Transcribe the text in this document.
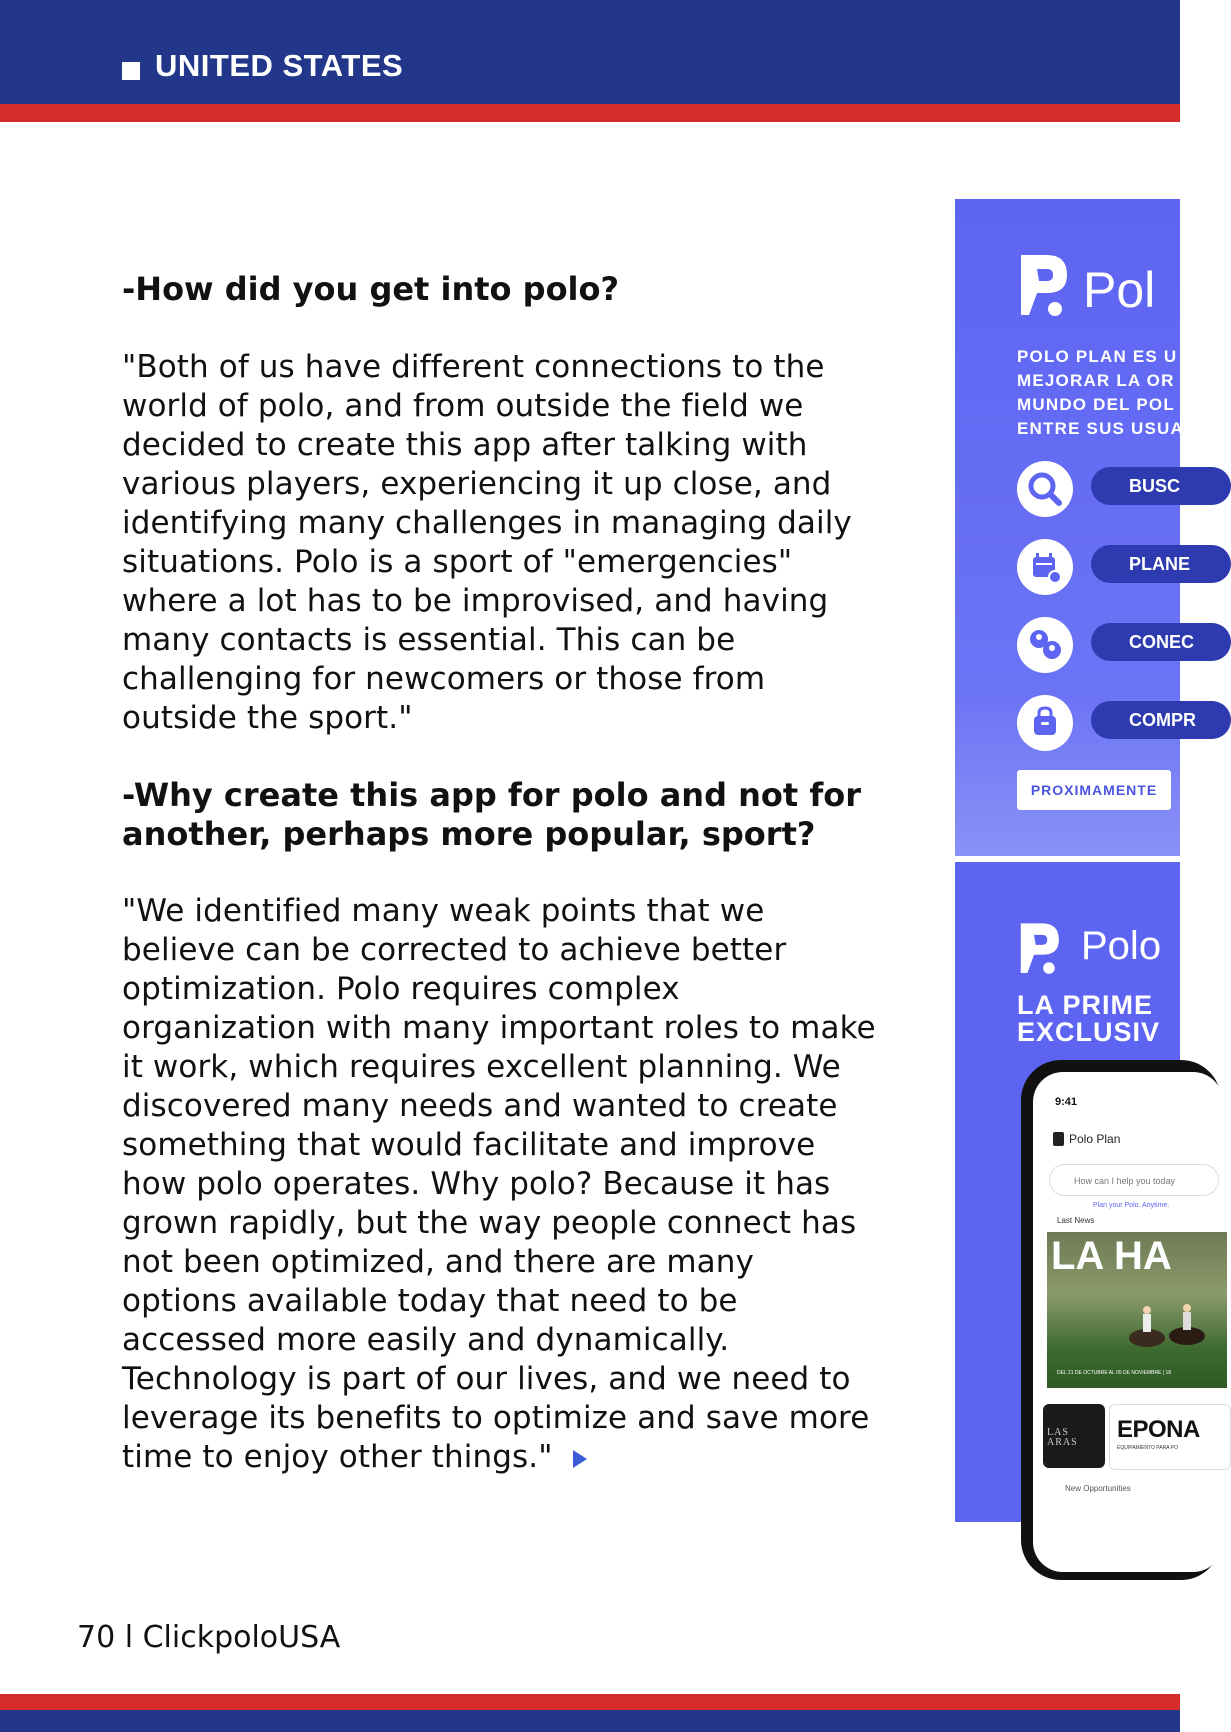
UNITED STATES

-How did you get into polo?

"Both of us have different connections to the
world of polo, and from outside the field we
decided to create this app after talking with
various players, experiencing it up close, and
identifying many challenges in managing daily
situations. Polo is a sport of "emergencies"
where a lot has to be improvised, and having
many contacts is essential. This can be
challenging for newcomers or those from
outside the sport."
-Why create this app for polo and not for
another, perhaps more popular, sport?
"We identified many weak points that we
believe can be corrected to achieve better
optimization. Polo requires complex
organization with many important roles to make
it work, which requires excellent planning. We
discovered many needs and wanted to create
something that would facilitate and improve
how polo operates. Why polo? Because it has
grown rapidly, but the way people connect has
not been optimized, and there are many
options available today that need to be
accessed more easily and dynamically.
Technology is part of our lives, and we need to
leverage its benefits to optimize and save more
time to enjoy other things."
Pol
POLO PLAN ES U
MEJORAR LA OR
MUNDO DEL POL
ENTRE SUS USUA
BUSC
PLANE
CONEC
COMPR
PROXIMAMENTE
Polo
LA PRIME
EXCLUSIV
9:41
Polo Plan
How can I help you today
Plan your Polo. Anytime.
Last News
LA HA
DEL 21 DE OCTUBRE AL 05 DE NOVIEMBRE | 18
LAS
ARAS EPONA
EQUIPAMIENTO PARA PO
New Opportunities
70 l ClickpoloUSA
